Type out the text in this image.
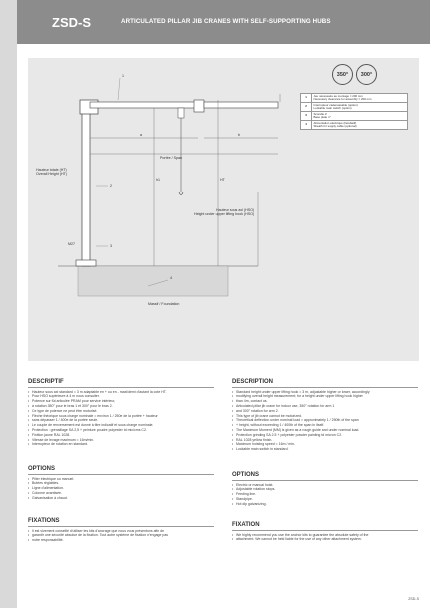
ZSD-S	ARTICULATED PILLAR JIB CRANES WITH SELF-SUPPORTING HUBS
350° 300°
1	Jeu nécessaire au montage = 200 mm
Necessary clearance for assembly = 200 mm

2	Interrupteur cadenassable (option)
Lockable main switch (option)

3	Scorelle d'
Base plate n°

4	Alimentation électrique (facultatif)
Sheath for supply cable (optional)
1
2
3
4
a	b
Portée / Span
h1	HT
Hauteur totale (HT)
Overall Height (HT)
Hauteur sous axl (HSO)
Height under upper lifting hook (HSO)
M27
Massif / Foundation
DESCRIPTIF
• Hauteur sous axl standard = 3 m adaptable en + ou en - maxi/demi d'autant la cote HT.
• Pour HSO supérieure à 4 m nous consulter.
• Potence sur fût articulée PRAM pour service intérieur,
• à rotation 350° pour le bras 1 et 300° pour le bras 2.
• Ce type de potence ne peut être motorisé.
• Flèche théorique sous charge nominale = environ 1 / 250e de la portée + hauteur
• sans dépasser 1 / 400e de la portée seule.
• Le couple de renversement est donné à titre indicatif et sous charge nominale.
• Protection : grenaillage SA 2,5 + peinture poudre polyester td mic/cms C2.
• Finition jaune RAL 1028.
• Vitesse de levage maximum = 16m/min.
• Interrupteur de rotation en standard.
OPTIONS
• Pilier électrique ou manuel.
• Butées réglables.
• Ligne d'alimentation.
• Colonne avantisée.
• Galvanisation à chaud.
FIXATIONS
• Il est vivement conseillé d'utiliser les kits d'ancrage que nous vous présentons afin de
• garantir une sécurité absolue de la fixation. Tout autre système de fixation n'engage pas
• notre responsabilité.
DESCRIPTION
• Standard height under upper lifting hook = 3 m, adjustable higher or lower, accordingly
• modifying overall height measurement; for a height under upper lifting hook higher
• than 4m, contact us.
• Articulated pillar jib crane for indoor use, 350° rotation for arm 1
• and 300° rotation for arm 2.
• This type of jib crane cannot be motorized.
• Theoretical deflection under nominal load = approximately 1 / 250th of the span
• + height, without exceeding 1 / 400th of the span in itself.
• The Maximum Moment (MM) is given as a rough guide and under nominal load.
• Protection grinding SA 2.5 + polyester powder painting td micron C2.
• RAL 1028 yellow finish.
• Maximum hoisting speed = 16m / min.
• Lockable main switch in standard.
OPTIONS
• Electric or manual hoist.
• Adjustable rotation stops.
• Feeding line.
• Standpipe.
• Hot dip galvanizing.
FIXATION
• We highly recommend you use the anchor kits to guarantee the absolute safety of the
• attachment. We cannot be held liable for the use of any other attachment system.
ZSD-S
